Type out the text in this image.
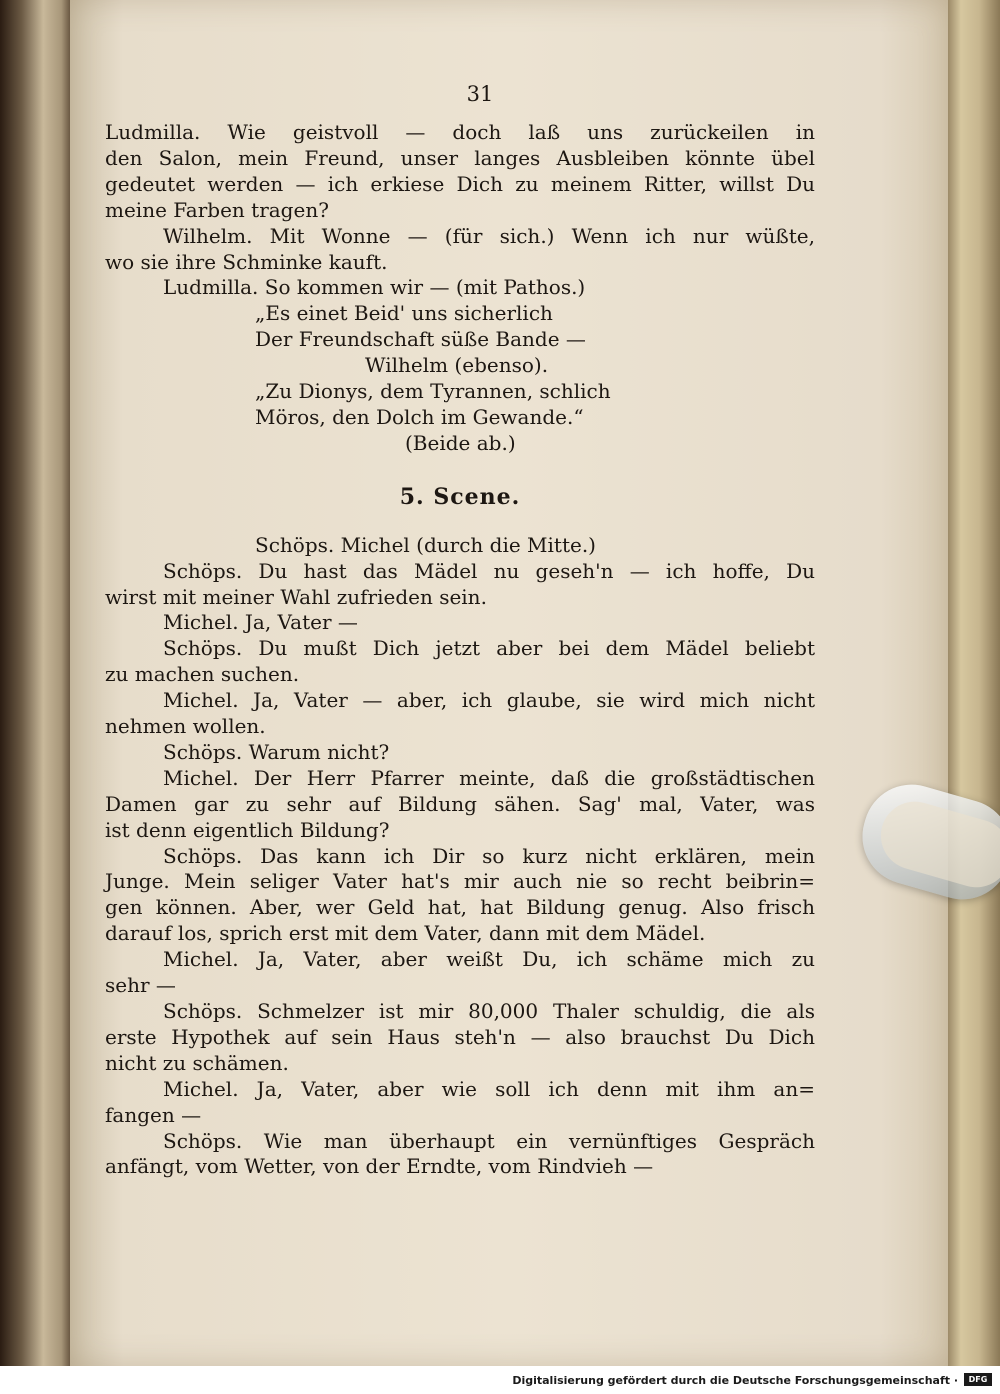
31
Ludmilla. Wie geistvoll — doch laß uns zurückeilen in
den Salon, mein Freund, unser langes Ausbleiben könnte übel
gedeutet werden — ich erkiese Dich zu meinem Ritter, willst Du
meine Farben tragen?
Wilhelm. Mit Wonne — (für sich.) Wenn ich nur wüßte,
wo sie ihre Schminke kauft.
Ludmilla. So kommen wir — (mit Pathos.)
„Es einet Beid' uns sicherlich
Der Freundschaft süße Bande —
Wilhelm (ebenso).
„Zu Dionys, dem Tyrannen, schlich
Möros, den Dolch im Gewande.“
(Beide ab.)
5. Scene.
Schöps. Michel (durch die Mitte.)
Schöps. Du hast das Mädel nu geseh'n — ich hoffe, Du
wirst mit meiner Wahl zufrieden sein.
Michel. Ja, Vater —
Schöps. Du mußt Dich jetzt aber bei dem Mädel beliebt
zu machen suchen.
Michel. Ja, Vater — aber, ich glaube, sie wird mich nicht
nehmen wollen.
Schöps. Warum nicht?
Michel. Der Herr Pfarrer meinte, daß die großstädtischen
Damen gar zu sehr auf Bildung sähen. Sag' mal, Vater, was
ist denn eigentlich Bildung?
Schöps. Das kann ich Dir so kurz nicht erklären, mein
Junge. Mein seliger Vater hat's mir auch nie so recht beibrin=
gen können. Aber, wer Geld hat, hat Bildung genug. Also frisch
darauf los, sprich erst mit dem Vater, dann mit dem Mädel.
Michel. Ja, Vater, aber weißt Du, ich schäme mich zu
sehr —
Schöps. Schmelzer ist mir 80,000 Thaler schuldig, die als
erste Hypothek auf sein Haus steh'n — also brauchst Du Dich
nicht zu schämen.
Michel. Ja, Vater, aber wie soll ich denn mit ihm an=
fangen —
Schöps. Wie man überhaupt ein vernünftiges Gespräch
anfängt, vom Wetter, von der Erndte, vom Rindvieh —
Digitalisierung gefördert durch die Deutsche Forschungsgemeinschaft ·	DFG
